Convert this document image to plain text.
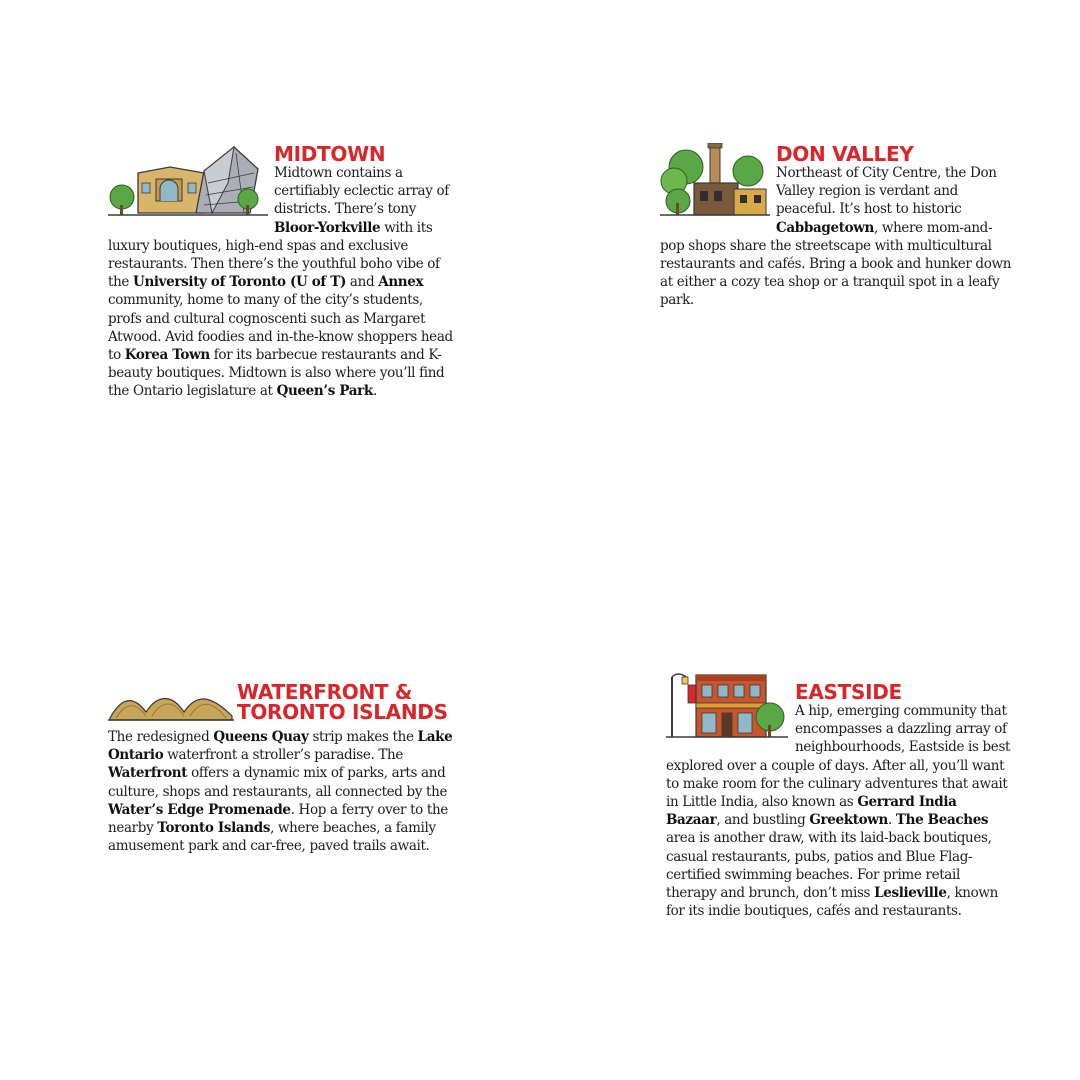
MIDTOWN
Midtown contains a certifiably eclectic array of districts. There’s tony Bloor-Yorkville with its luxury boutiques, high-end spas and exclusive restaurants. Then there’s the youthful boho vibe of the University of Toronto (U of T) and Annex community, home to many of the city’s students, profs and cultural cognoscenti such as Margaret Atwood. Avid foodies and in-the-know shoppers head to Korea Town for its barbecue restaurants and K-beauty boutiques. Midtown is also where you’ll find the Ontario legislature at Queen’s Park.
DON VALLEY
Northeast of City Centre, the Don Valley region is verdant and peaceful. It’s host to historic Cabbagetown, where mom-and-pop shops share the streetscape with multicultural restaurants and cafés. Bring a book and hunker down at either a cozy tea shop or a tranquil spot in a leafy park.
WATERFRONT &
TORONTO ISLANDS
The redesigned Queens Quay strip makes the Lake Ontario waterfront a stroller’s paradise. The Waterfront offers a dynamic mix of parks, arts and culture, shops and restaurants, all connected by the Water’s Edge Promenade. Hop a ferry over to the nearby Toronto Islands, where beaches, a family amusement park and car-free, paved trails await.
EASTSIDE
A hip, emerging community that encompasses a dazzling array of neighbourhoods, Eastside is best explored over a couple of days. After all, you’ll want to make room for the culinary adventures that await in Little India, also known as Gerrard India Bazaar, and bustling Greektown. The Beaches area is another draw, with its laid-back boutiques, casual restaurants, pubs, patios and Blue Flag-certified swimming beaches. For prime retail therapy and brunch, don’t miss Leslieville, known for its indie boutiques, cafés and restaurants.
